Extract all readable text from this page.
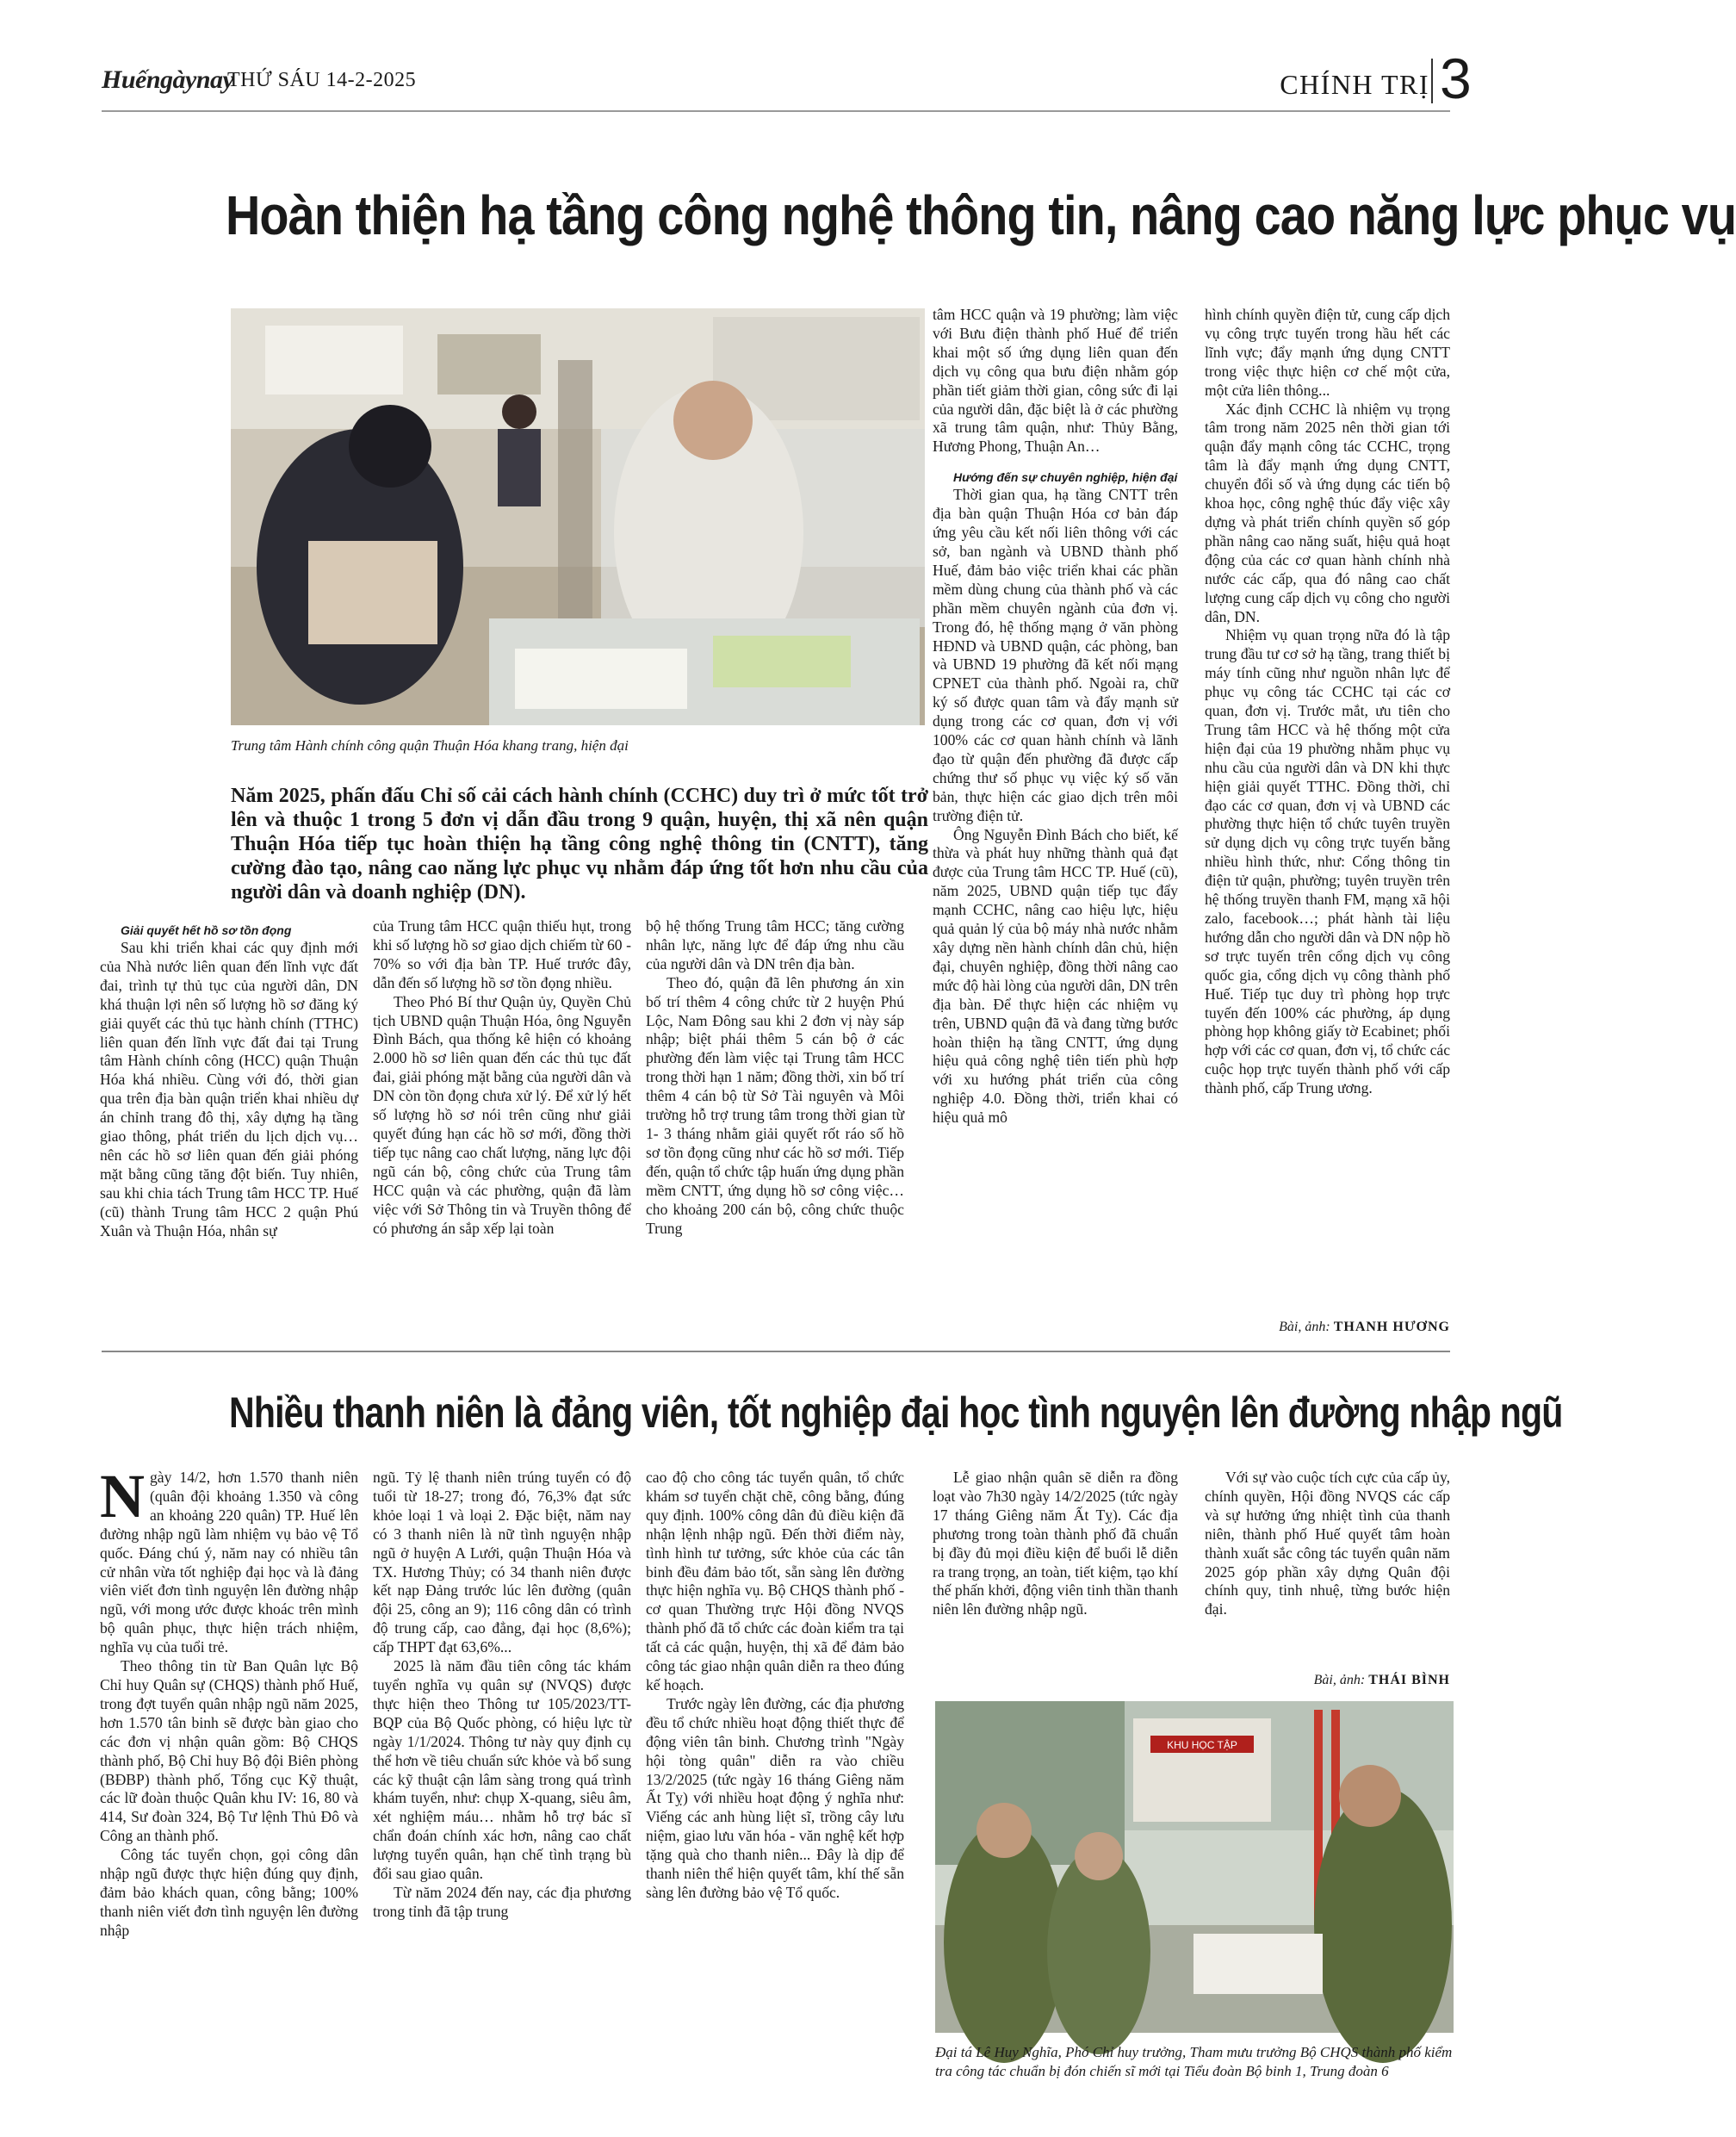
Huếngàynay
THỨ SÁU 14-2-2025	CHÍNH TRỊ 3
Hoàn thiện hạ tầng công nghệ thông tin, nâng cao năng lực phục vụ
Trung tâm Hành chính công quận Thuận Hóa khang trang, hiện đại
Năm 2025, phấn đấu Chỉ số cải cách hành chính (CCHC) duy trì ở mức tốt trở lên và thuộc 1 trong 5 đơn vị dẫn đầu trong 9 quận, huyện, thị xã nên quận Thuận Hóa tiếp tục hoàn thiện hạ tầng công nghệ thông tin (CNTT), tăng cường đào tạo, nâng cao năng lực phục vụ nhằm đáp ứng tốt hơn nhu cầu của người dân và doanh nghiệp (DN).

Giải quyết hết hồ sơ tồn đọng

Sau khi triển khai các quy định mới của Nhà nước liên quan đến lĩnh vực đất đai, trình tự thủ tục của người dân, DN khá thuận lợi nên số lượng hồ sơ đăng ký giải quyết các thủ tục hành chính (TTHC) liên quan đến lĩnh vực đất đai tại Trung tâm Hành chính công (HCC) quận Thuận Hóa khá nhiều. Cùng với đó, thời gian qua trên địa bàn quận triển khai nhiều dự án chỉnh trang đô thị, xây dựng hạ tầng giao thông, phát triển du lịch dịch vụ… nên các hồ sơ liên quan đến giải phóng mặt bằng cũng tăng đột biến. Tuy nhiên, sau khi chia tách Trung tâm HCC TP. Huế (cũ) thành Trung tâm HCC 2 quận Phú Xuân và Thuận Hóa, nhân sự

của Trung tâm HCC quận thiếu hụt, trong khi số lượng hồ sơ giao dịch chiếm từ 60 - 70% so với địa bàn TP. Huế trước đây, dẫn đến số lượng hồ sơ tồn đọng nhiều.

Theo Phó Bí thư Quận ủy, Quyền Chủ tịch UBND quận Thuận Hóa, ông Nguyễn Đình Bách, qua thống kê hiện có khoảng 2.000 hồ sơ liên quan đến các thủ tục đất đai, giải phóng mặt bằng của người dân và DN còn tồn đọng chưa xử lý. Để xử lý hết số lượng hồ sơ nói trên cũng như giải quyết đúng hạn các hồ sơ mới, đồng thời tiếp tục nâng cao chất lượng, năng lực đội ngũ cán bộ, công chức của Trung tâm HCC quận và các phường, quận đã làm việc với Sở Thông tin và Truyền thông để có phương án sắp xếp lại toàn

bộ hệ thống Trung tâm HCC; tăng cường nhân lực, năng lực để đáp ứng nhu cầu của người dân và DN trên địa bàn.

Theo đó, quận đã lên phương án xin bố trí thêm 4 công chức từ 2 huyện Phú Lộc, Nam Đông sau khi 2 đơn vị này sáp nhập; biệt phái thêm 5 cán bộ ở các phường đến làm việc tại Trung tâm HCC trong thời hạn 1 năm; đồng thời, xin bố trí thêm 4 cán bộ từ Sở Tài nguyên và Môi trường hỗ trợ trung tâm trong thời gian từ 1- 3 tháng nhằm giải quyết rốt ráo số hồ sơ tồn đọng cũng như các hồ sơ mới. Tiếp đến, quận tổ chức tập huấn ứng dụng phần mềm CNTT, ứng dụng hồ sơ công việc… cho khoảng 200 cán bộ, công chức thuộc Trung

tâm HCC quận và 19 phường; làm việc với Bưu điện thành phố Huế để triển khai một số ứng dụng liên quan đến dịch vụ công qua bưu điện nhằm góp phần tiết giảm thời gian, công sức đi lại của người dân, đặc biệt là ở các phường xã trung tâm quận, như: Thủy Bằng, Hương Phong, Thuận An…

Hướng đến sự chuyên nghiệp, hiện đại

Thời gian qua, hạ tầng CNTT trên địa bàn quận Thuận Hóa cơ bản đáp ứng yêu cầu kết nối liên thông với các sở, ban ngành và UBND thành phố Huế, đảm bảo việc triển khai các phần mềm dùng chung của thành phố và các phần mềm chuyên ngành của đơn vị. Trong đó, hệ thống mạng ở văn phòng HĐND và UBND quận, các phòng, ban và UBND 19 phường đã kết nối mạng CPNET của thành phố. Ngoài ra, chữ ký số được quan tâm và đẩy mạnh sử dụng trong các cơ quan, đơn vị với 100% các cơ quan hành chính và lãnh đạo từ quận đến phường đã được cấp chứng thư số phục vụ việc ký số văn bản, thực hiện các giao dịch trên môi trường điện tử.

Ông Nguyễn Đình Bách cho biết, kế thừa và phát huy những thành quả đạt được của Trung tâm HCC TP. Huế (cũ), năm 2025, UBND quận tiếp tục đẩy mạnh CCHC, nâng cao hiệu lực, hiệu quả quản lý của bộ máy nhà nước nhằm xây dựng nền hành chính dân chủ, hiện đại, chuyên nghiệp, đồng thời nâng cao mức độ hài lòng của người dân, DN trên địa bàn. Để thực hiện các nhiệm vụ trên, UBND quận đã và đang từng bước hoàn thiện hạ tầng CNTT, ứng dụng hiệu quả công nghệ tiên tiến phù hợp với xu hướng phát triển của công nghiệp 4.0. Đồng thời, triển khai có hiệu quả mô

hình chính quyền điện tử, cung cấp dịch vụ công trực tuyến trong hầu hết các lĩnh vực; đẩy mạnh ứng dụng CNTT trong việc thực hiện cơ chế một cửa, một cửa liên thông...

Xác định CCHC là nhiệm vụ trọng tâm trong năm 2025 nên thời gian tới quận đẩy mạnh công tác CCHC, trọng tâm là đẩy mạnh ứng dụng CNTT, chuyển đổi số và ứng dụng các tiến bộ khoa học, công nghệ thúc đẩy việc xây dựng và phát triển chính quyền số góp phần nâng cao năng suất, hiệu quả hoạt động của các cơ quan hành chính nhà nước các cấp, qua đó nâng cao chất lượng cung cấp dịch vụ công cho người dân, DN.

Nhiệm vụ quan trọng nữa đó là tập trung đầu tư cơ sở hạ tầng, trang thiết bị máy tính cũng như nguồn nhân lực để phục vụ công tác CCHC tại các cơ quan, đơn vị. Trước mắt, ưu tiên cho Trung tâm HCC và hệ thống một cửa hiện đại của 19 phường nhằm phục vụ nhu cầu của người dân và DN khi thực hiện giải quyết TTHC. Đồng thời, chỉ đạo các cơ quan, đơn vị và UBND các phường thực hiện tổ chức tuyên truyền sử dụng dịch vụ công trực tuyến bằng nhiều hình thức, như: Cổng thông tin điện tử quận, phường; tuyên truyền trên hệ thống truyền thanh FM, mạng xã hội zalo, facebook…; phát hành tài liệu hướng dẫn cho người dân và DN nộp hồ sơ trực tuyến trên cổng dịch vụ công quốc gia, cổng dịch vụ công thành phố Huế. Tiếp tục duy trì phòng họp trực tuyến đến 100% các phường, áp dụng phòng họp không giấy tờ Ecabinet; phối hợp với các cơ quan, đơn vị, tổ chức các cuộc họp trực tuyến thành phố với cấp thành phố, cấp Trung ương.

Bài, ảnh: THANH HƯƠNG
Nhiều thanh niên là đảng viên, tốt nghiệp đại học tình nguyện lên đường nhập ngũ

Ngày 14/2, hơn 1.570 thanh niên (quân đội khoảng 1.350 và công an khoảng 220 quân) TP. Huế lên đường nhập ngũ làm nhiệm vụ bảo vệ Tổ quốc. Đáng chú ý, năm nay có nhiều tân cử nhân vừa tốt nghiệp đại học và là đảng viên viết đơn tình nguyện lên đường nhập ngũ, với mong ước được khoác trên mình bộ quân phục, thực hiện trách nhiệm, nghĩa vụ của tuổi trẻ.

Theo thông tin từ Ban Quân lực Bộ Chỉ huy Quân sự (CHQS) thành phố Huế, trong đợt tuyển quân nhập ngũ năm 2025, hơn 1.570 tân binh sẽ được bàn giao cho các đơn vị nhận quân gồm: Bộ CHQS thành phố, Bộ Chỉ huy Bộ đội Biên phòng (BĐBP) thành phố, Tổng cục Kỹ thuật, các lữ đoàn thuộc Quân khu IV: 16, 80 và 414, Sư đoàn 324, Bộ Tư lệnh Thủ Đô và Công an thành phố.

Công tác tuyển chọn, gọi công dân nhập ngũ được thực hiện đúng quy định, đảm bảo khách quan, công bằng; 100% thanh niên viết đơn tình nguyện lên đường nhập

ngũ. Tỷ lệ thanh niên trúng tuyển có độ tuổi từ 18-27; trong đó, 76,3% đạt sức khỏe loại 1 và loại 2. Đặc biệt, năm nay có 3 thanh niên là nữ tình nguyện nhập ngũ ở huyện A Lưới, quận Thuận Hóa và TX. Hương Thủy; có 34 thanh niên được kết nạp Đảng trước lúc lên đường (quân đội 25, công an 9); 116 công dân có trình độ trung cấp, cao đẳng, đại học (8,6%); cấp THPT đạt 63,6%...

2025 là năm đầu tiên công tác khám tuyển nghĩa vụ quân sự (NVQS) được thực hiện theo Thông tư 105/2023/TT-BQP của Bộ Quốc phòng, có hiệu lực từ ngày 1/1/2024. Thông tư này quy định cụ thể hơn về tiêu chuẩn sức khỏe và bổ sung các kỹ thuật cận lâm sàng trong quá trình khám tuyển, như: chụp X-quang, siêu âm, xét nghiệm máu… nhằm hỗ trợ bác sĩ chẩn đoán chính xác hơn, nâng cao chất lượng tuyển quân, hạn chế tình trạng bù đổi sau giao quân.

Từ năm 2024 đến nay, các địa phương trong tỉnh đã tập trung

cao độ cho công tác tuyển quân, tổ chức khám sơ tuyển chặt chẽ, công bằng, đúng quy định. 100% công dân đủ điều kiện đã nhận lệnh nhập ngũ. Đến thời điểm này, tình hình tư tưởng, sức khỏe của các tân binh đều đảm bảo tốt, sẵn sàng lên đường thực hiện nghĩa vụ. Bộ CHQS thành phố - cơ quan Thường trực Hội đồng NVQS thành phố đã tổ chức các đoàn kiểm tra tại tất cả các quận, huyện, thị xã để đảm bảo công tác giao nhận quân diễn ra theo đúng kế hoạch.

Trước ngày lên đường, các địa phương đều tổ chức nhiều hoạt động thiết thực để động viên tân binh. Chương trình "Ngày hội tòng quân" diễn ra vào chiều 13/2/2025 (tức ngày 16 tháng Giêng năm Ất Tỵ) với nhiều hoạt động ý nghĩa như: Viếng các anh hùng liệt sĩ, trồng cây lưu niệm, giao lưu văn hóa - văn nghệ kết hợp tặng quà cho thanh niên... Đây là dịp để thanh niên thể hiện quyết tâm, khí thế sẵn sàng lên đường bảo vệ Tổ quốc.

Lễ giao nhận quân sẽ diễn ra đồng loạt vào 7h30 ngày 14/2/2025 (tức ngày 17 tháng Giêng năm Ất Tỵ). Các địa phương trong toàn thành phố đã chuẩn bị đầy đủ mọi điều kiện để buổi lễ diễn ra trang trọng, an toàn, tiết kiệm, tạo khí thế phấn khởi, động viên tinh thần thanh niên lên đường nhập ngũ.

Với sự vào cuộc tích cực của cấp ủy, chính quyền, Hội đồng NVQS các cấp và sự hưởng ứng nhiệt tình của thanh niên, thành phố Huế quyết tâm hoàn thành xuất sắc công tác tuyển quân năm 2025 góp phần xây dựng Quân đội chính quy, tinh nhuệ, từng bước hiện đại.

Bài, ảnh: THÁI BÌNH
KHU HỌC TẬP
Đại tá Lê Huy Nghĩa, Phó Chỉ huy trưởng, Tham mưu trưởng Bộ CHQS thành phố kiểm tra công tác chuẩn bị đón chiến sĩ mới tại Tiểu đoàn Bộ binh 1, Trung đoàn 6
